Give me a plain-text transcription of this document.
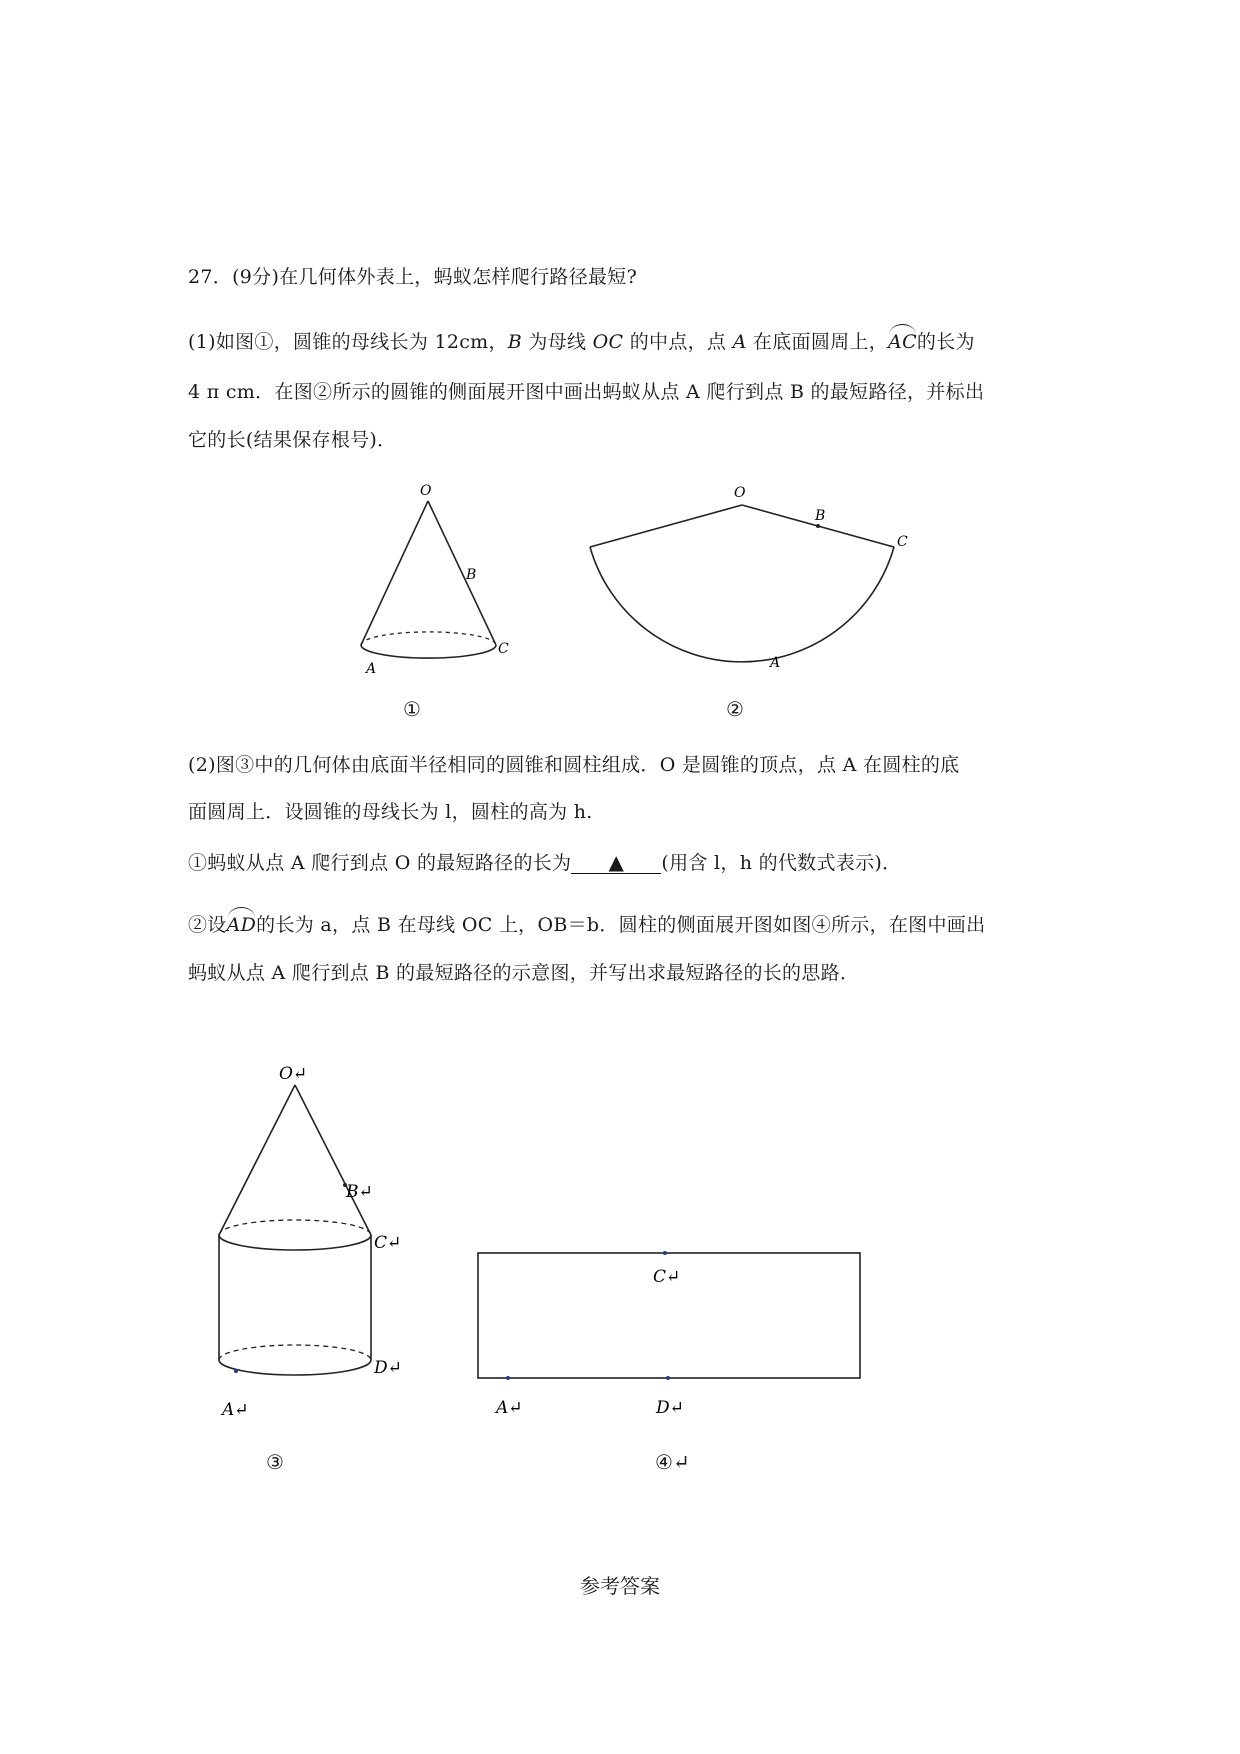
27．(9分)在几何体外表上，蚂蚁怎样爬行路径最短?
(1)如图①，圆锥的母线长为 12cm，B 为母线 OC 的中点，点 A 在底面圆周上，AC的长为
4 π cm．在图②所示的圆锥的侧面展开图中画出蚂蚁从点 A 爬行到点 B 的最短路径，并标出
它的长(结果保存根号)．
O
B
C
A
①
O
B
C
A
②
(2)图③中的几何体由底面半径相同的圆锥和圆柱组成．O 是圆锥的顶点，点 A 在圆柱的底
面圆周上．设圆锥的母线长为 l，圆柱的高为 h.
①蚂蚁从点 A 爬行到点 O 的最短路径的长为 ▲ (用含 l，h 的代数式表示)．
②设AD的长为 a，点 B 在母线 OC 上，OB＝b．圆柱的侧面展开图如图④所示，在图中画出
蚂蚁从点 A 爬行到点 B 的最短路径的示意图，并写出求最短路径的长的思路．
O↵
B↵
C↵
D↵
A↵
③
C↵
A↵	D↵
④↵
参考答案
